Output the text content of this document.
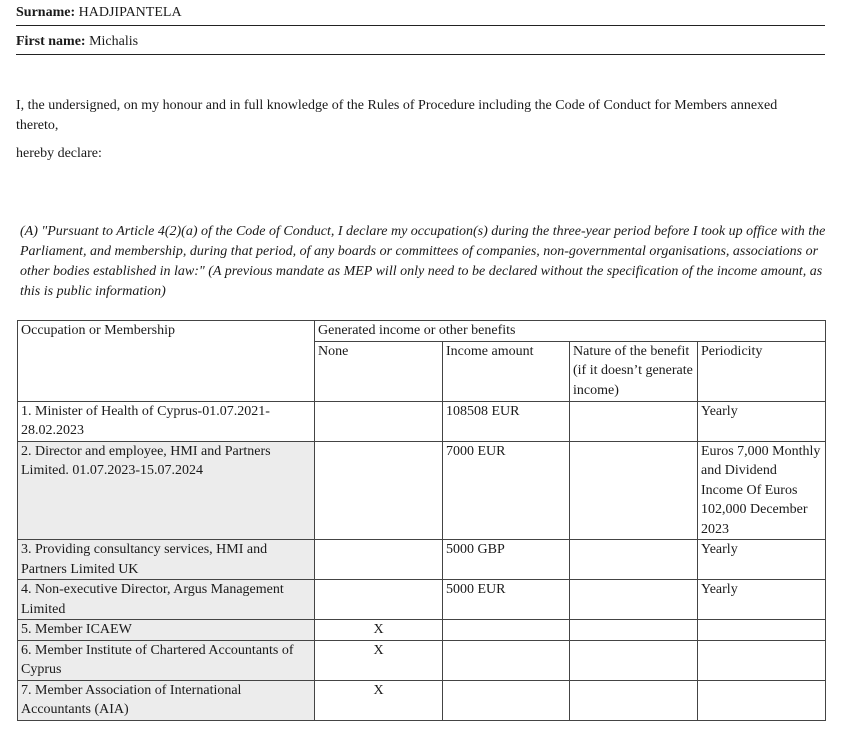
Surname: HADJIPANTELA
First name: Michalis
I, the undersigned, on my honour and in full knowledge of the Rules of Procedure including the Code of Conduct for Members annexed thereto,
hereby declare:
(A) "Pursuant to Article 4(2)(a) of the Code of Conduct, I declare my occupation(s) during the three-year period before I took up office with the Parliament, and membership, during that period, of any boards or committees of companies, non-governmental organisations, associations or other bodies established in law:" (A previous mandate as MEP will only need to be declared without the specification of the income amount, as this is public information)
Occupation or Membership	Generated income or other benefits			
	None	Income amount	Nature of the benefit (if it doesn’t generate income)	Periodicity
1. Minister of Health of Cyprus-01.07.2021-28.02.2023		108508 EUR		Yearly
2. Director and employee, HMI and Partners Limited. 01.07.2023-15.07.2024		7000 EUR		Euros 7,000 Monthly and Dividend Income Of Euros 102,000 December 2023
3. Providing consultancy services, HMI and Partners Limited UK		5000 GBP		Yearly
4. Non-executive Director, Argus Management Limited		5000 EUR		Yearly
5. Member ICAEW	X			
6. Member Institute of Chartered Accountants of Cyprus	X			
7. Member Association of International Accountants (AIA)	X			
